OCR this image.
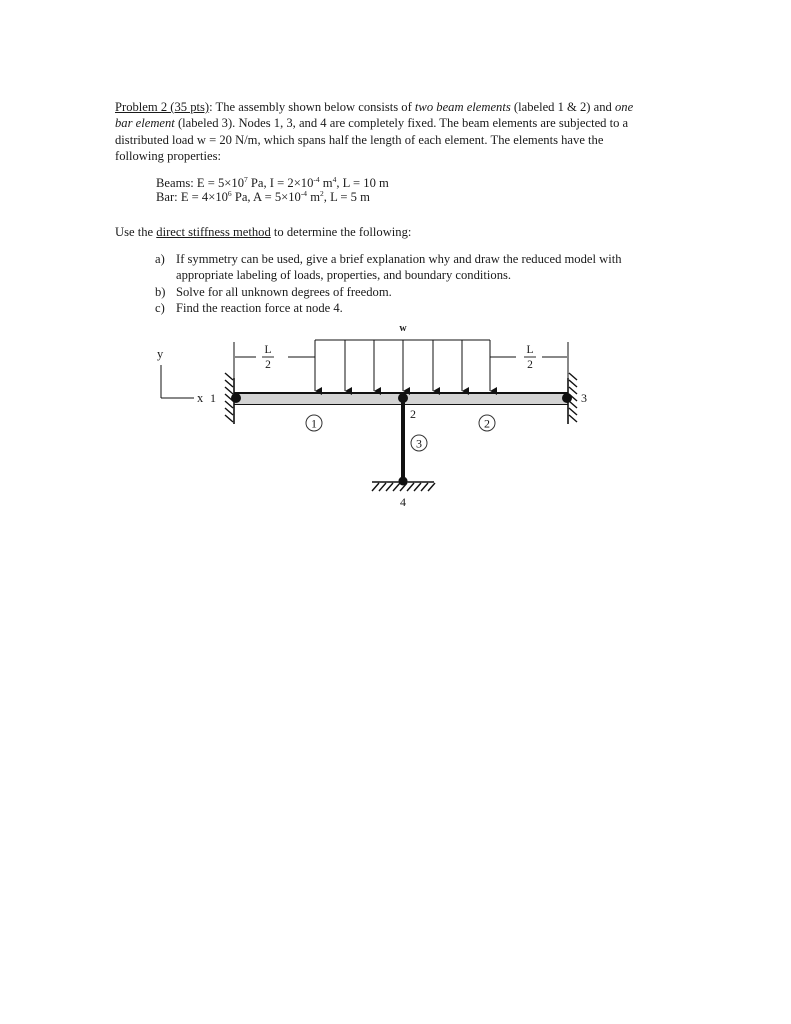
Problem 2 (35 pts): The assembly shown below consists of two beam elements (labeled 1 & 2) and one bar element (labeled 3). Nodes 1, 3, and 4 are completely fixed. The beam elements are subjected to a distributed load w = 20 N/m, which spans half the length of each element. The elements have the following properties:
Beams: $E = 5\times 10^7$ Pa, $I = 2\times 10^{-4}$ $m^4$, L = 10 m
Bar: $E = 4\times 10^6$ Pa, $A = 5\times 10^{-4}$ $m^2$, L = 5 m
Use the direct stiffness method to determine the following:
a) If symmetry can be used, give a brief explanation why and draw the reduced model with appropriate labeling of loads, properties, and boundary conditions.
b) Solve for all unknown degrees of freedom.
c) Find the reaction force at node 4.
y
x
L
2
L
2
w
1
2
3
4
1	2
3
